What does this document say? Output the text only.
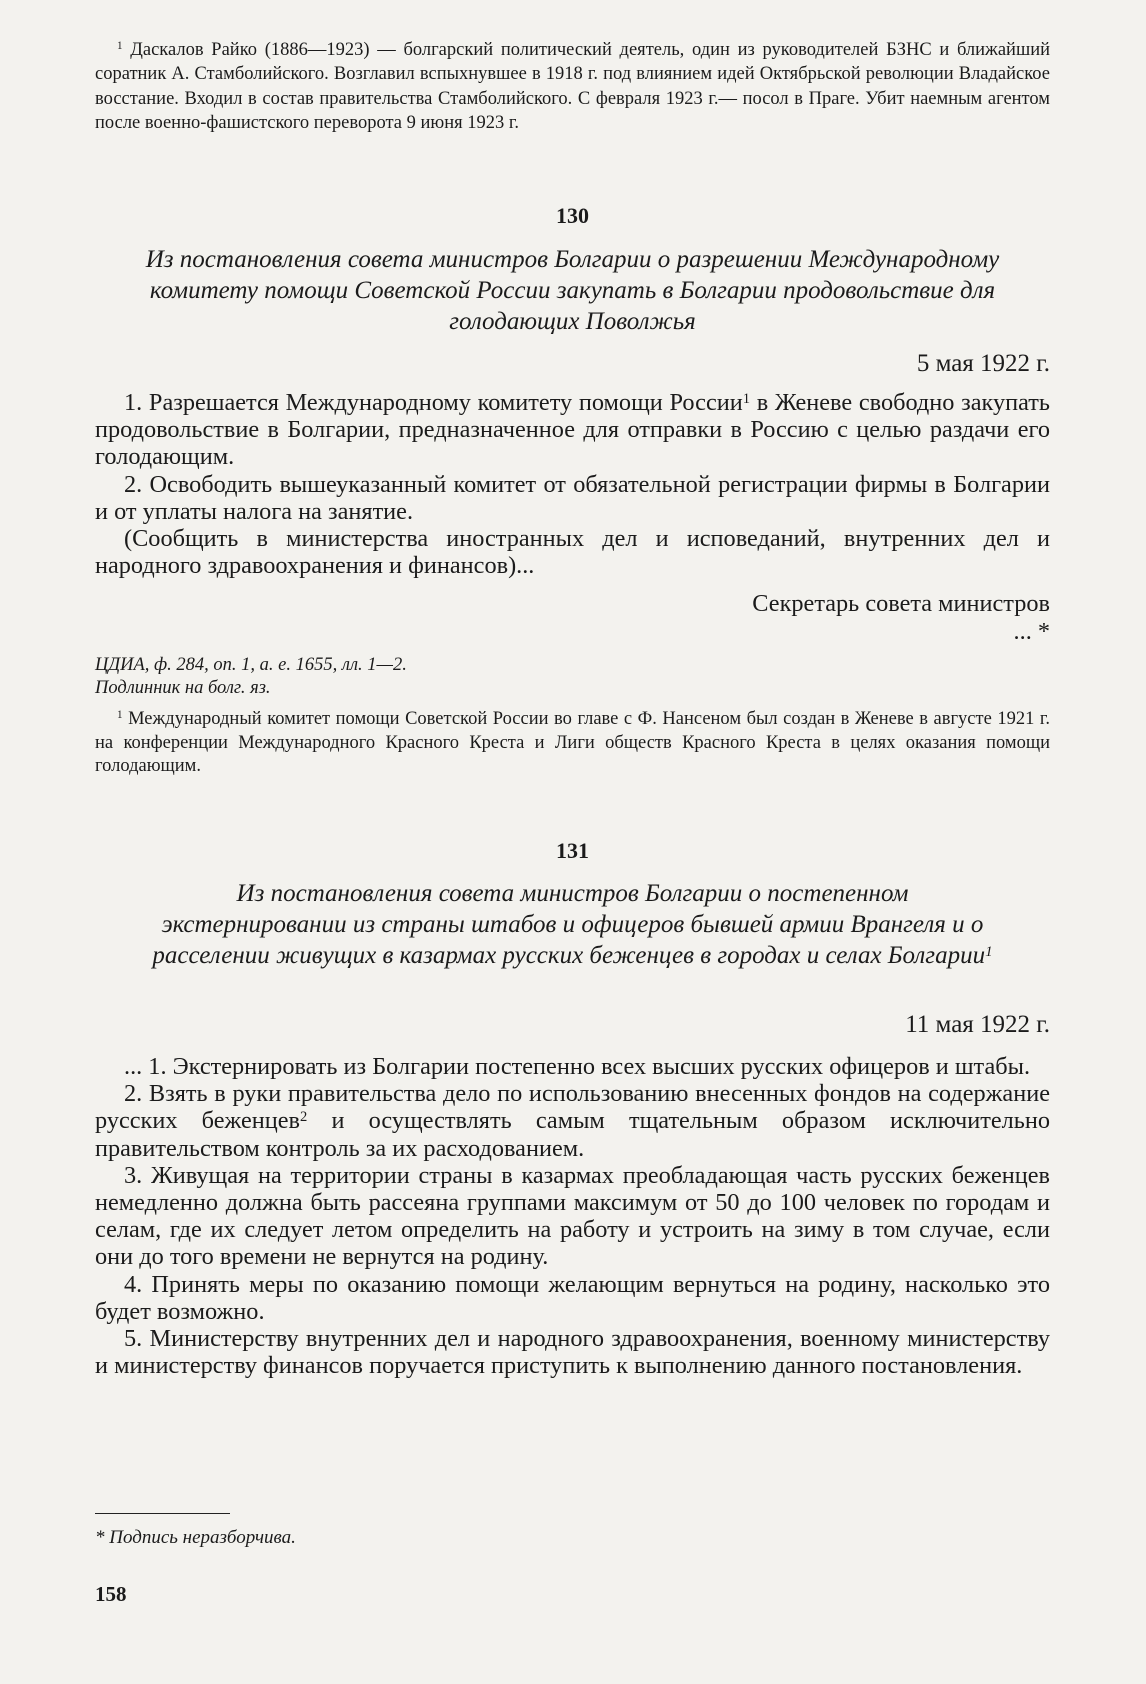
$^1$ Даскалов Райко (1886—1923) — болгарский политический деятель, один из руководителей БЗНС и ближайший соратник А. Стамболийского. Возглавил вспыхнувшее в 1918 г. под влиянием идей Октябрьской революции Владайское восстание. Входил в состав правительства Стамболийского. С февраля 1923 г.— посол в Праге. Убит наемным агентом после военно-фашистского переворота 9 июня 1923 г.
130
Из постановления совета министров Болгарии о разрешении Международному комитету помощи Советской России закупать в Болгарии продовольствие для голодающих Поволжья
5 мая 1922 г.

1. Разрешается Международному комитету помощи России$^1$ в Женеве свободно закупать продовольствие в Болгарии, предназначенное для отправки в Россию с целью раздачи его голодающим.

2. Освободить вышеуказанный комитет от обязательной регистрации фирмы в Болгарии и от уплаты налога на занятие.

(Сообщить в министерства иностранных дел и исповеданий, внутренних дел и народного здравоохранения и финансов)...

Секретарь совета министров
... *
ЦДИА, ф. 284, оп. 1, а. е. 1655, лл. 1—2.
Подлинник на болг. яз.
$^1$ Международный комитет помощи Советской России во главе с Ф. Нансеном был создан в Женеве в августе 1921 г. на конференции Международного Красного Креста и Лиги обществ Красного Креста в целях оказания помощи голодающим.
131
Из постановления совета министров Болгарии о постепенном экстернировании из страны штабов и офицеров бывшей армии Врангеля и о расселении живущих в казармах русских беженцев в городах и селах Болгарии$^1$
11 мая 1922 г.

... 1. Экстернировать из Болгарии постепенно всех высших русских офицеров и штабы.

2. Взять в руки правительства дело по использованию внесенных фондов на содержание русских беженцев$^2$ и осуществлять самым тщательным образом исключительно правительством контроль за их расходованием.

3. Живущая на территории страны в казармах преобладающая часть русских беженцев немедленно должна быть рассеяна группами максимум от 50 до 100 человек по городам и селам, где их следует летом определить на работу и устроить на зиму в том случае, если они до того времени не вернутся на родину.

4. Принять меры по оказанию помощи желающим вернуться на родину, насколько это будет возможно.

5. Министерству внутренних дел и народного здравоохранения, военному министерству и министерству финансов поручается приступить к выполнению данного постановления.

* Подпись неразборчива.
158
